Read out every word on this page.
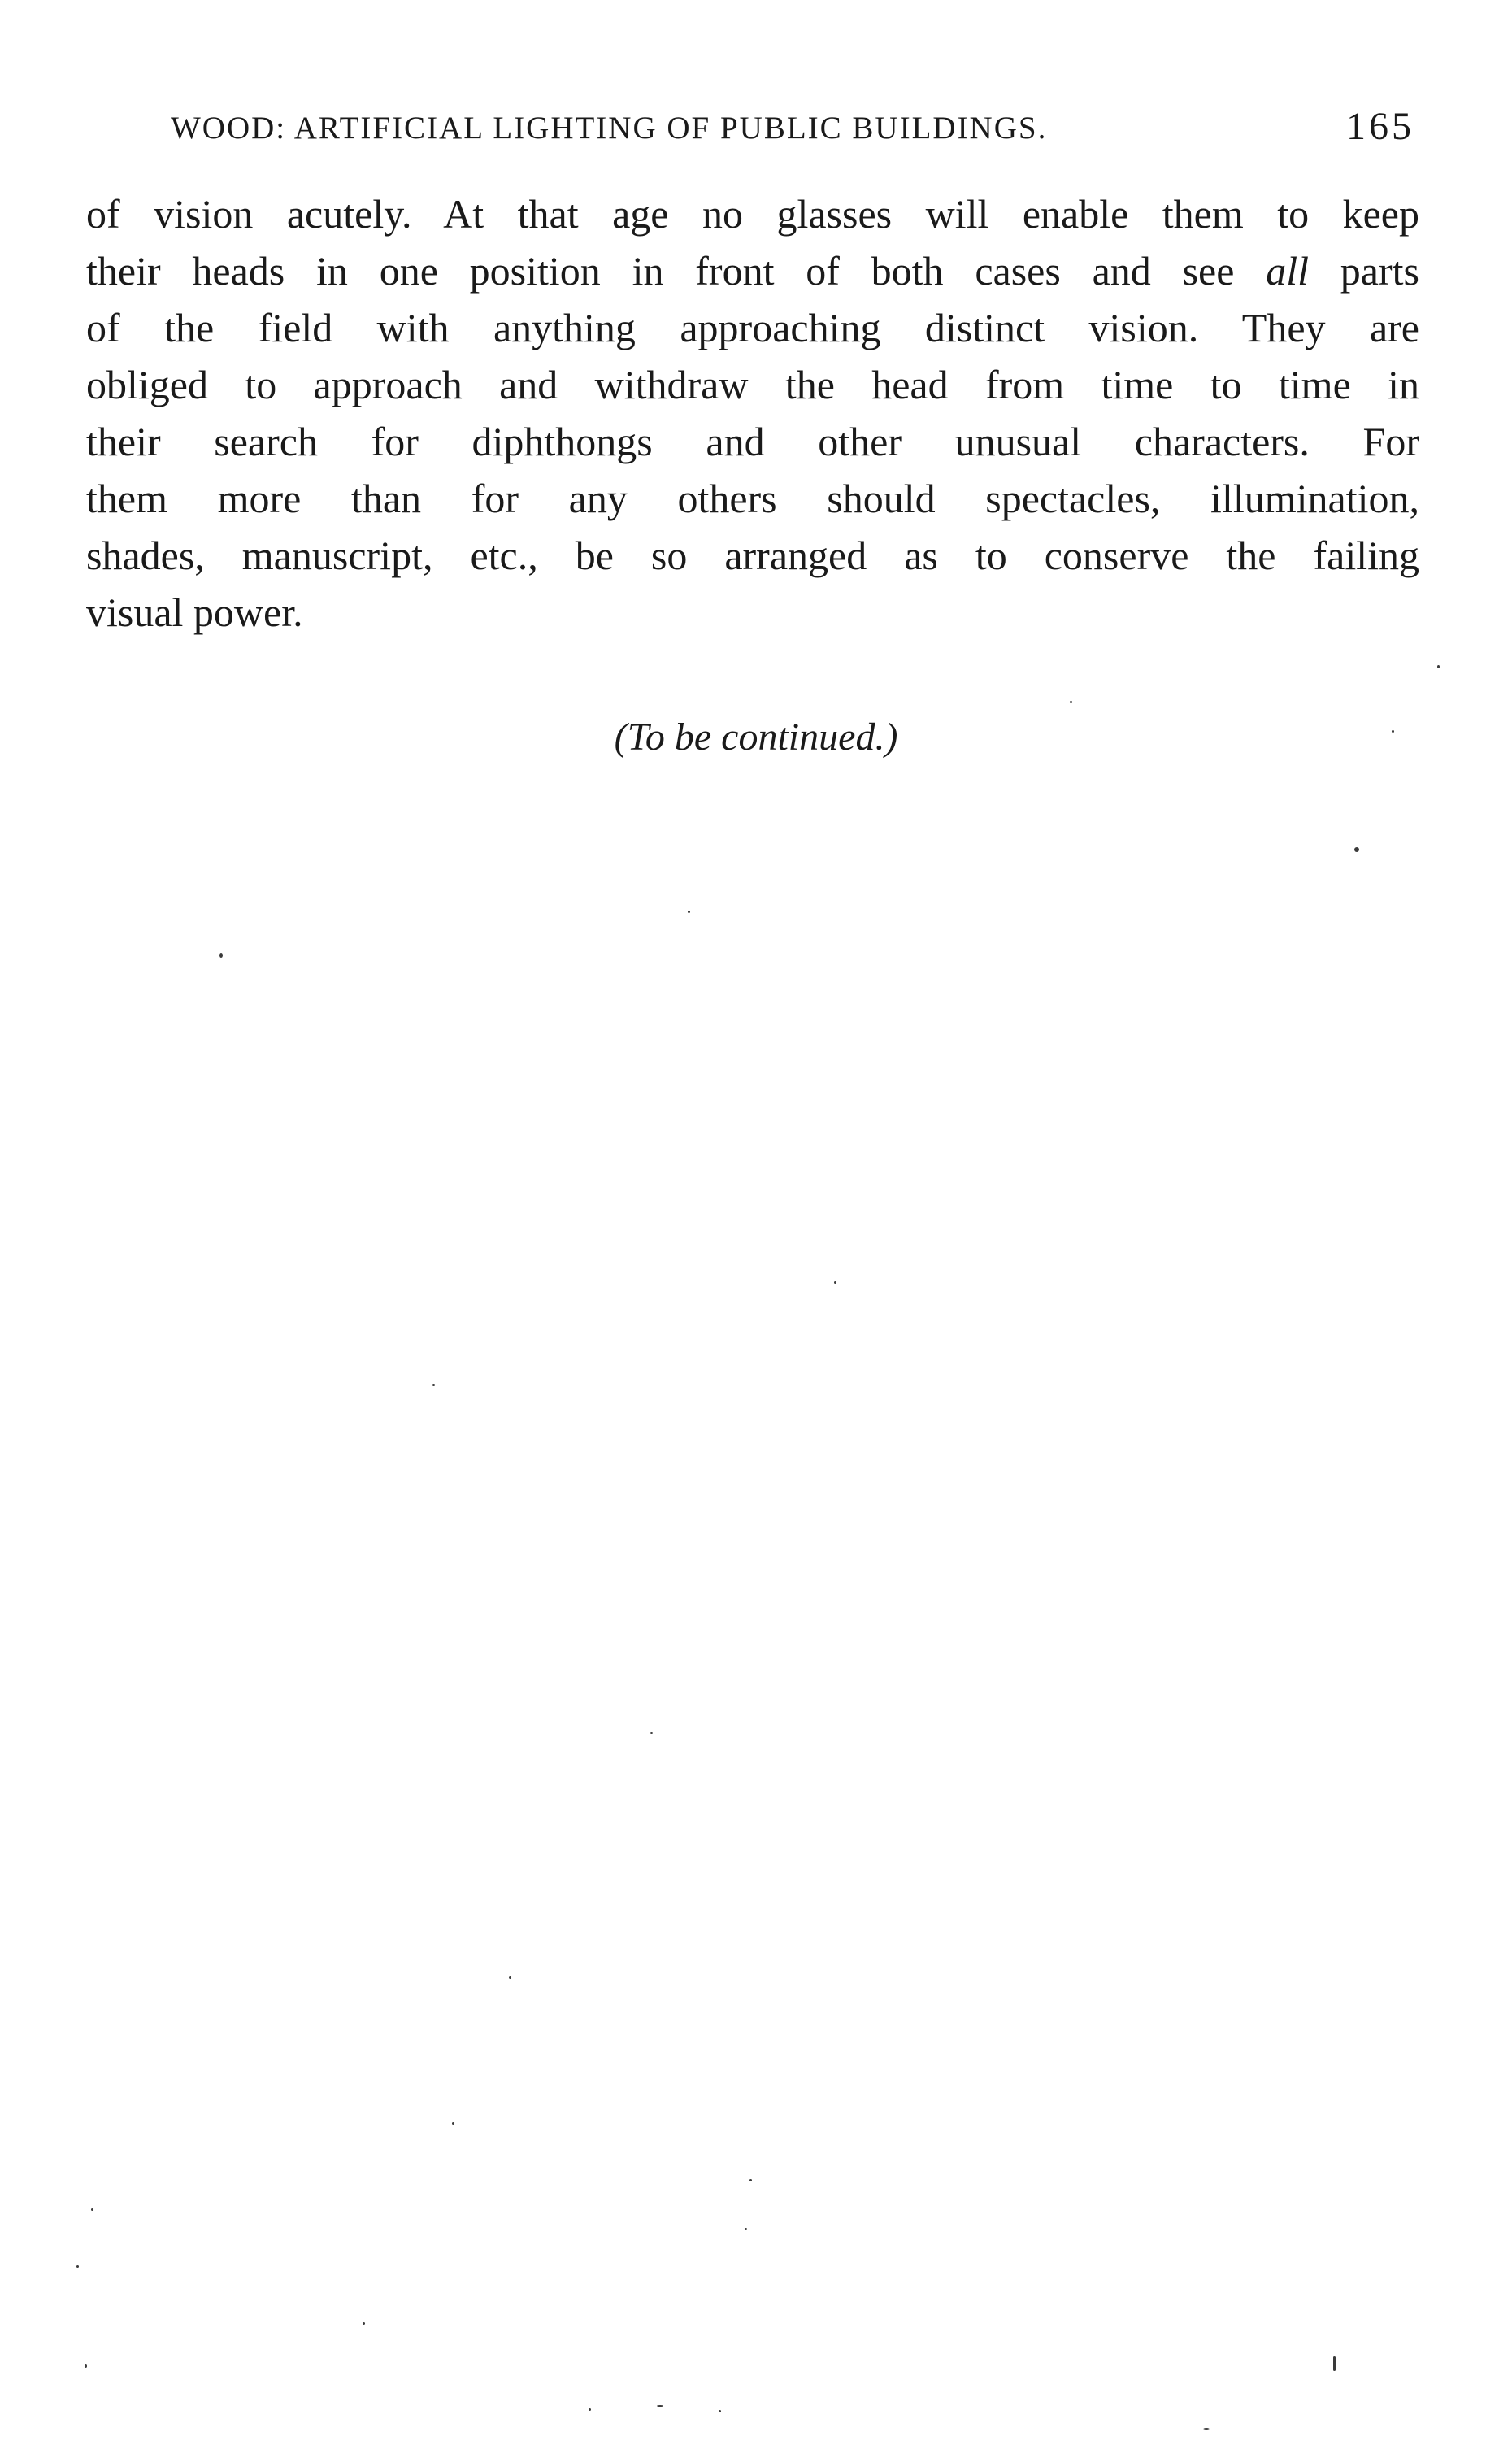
WOOD: ARTIFICIAL LIGHTING OF PUBLIC BUILDINGS.	165
of vision acutely. At that age no glasses will enable them to keep
their heads in one position in front of both cases and see all parts
of the field with anything approaching distinct vision. They are
obliged to approach and withdraw the head from time to time in
their search for diphthongs and other unusual characters. For
them more than for any others should spectacles, illumination,
shades, manuscript, etc., be so arranged as to conserve the failing
visual power.
(To be continued.)
